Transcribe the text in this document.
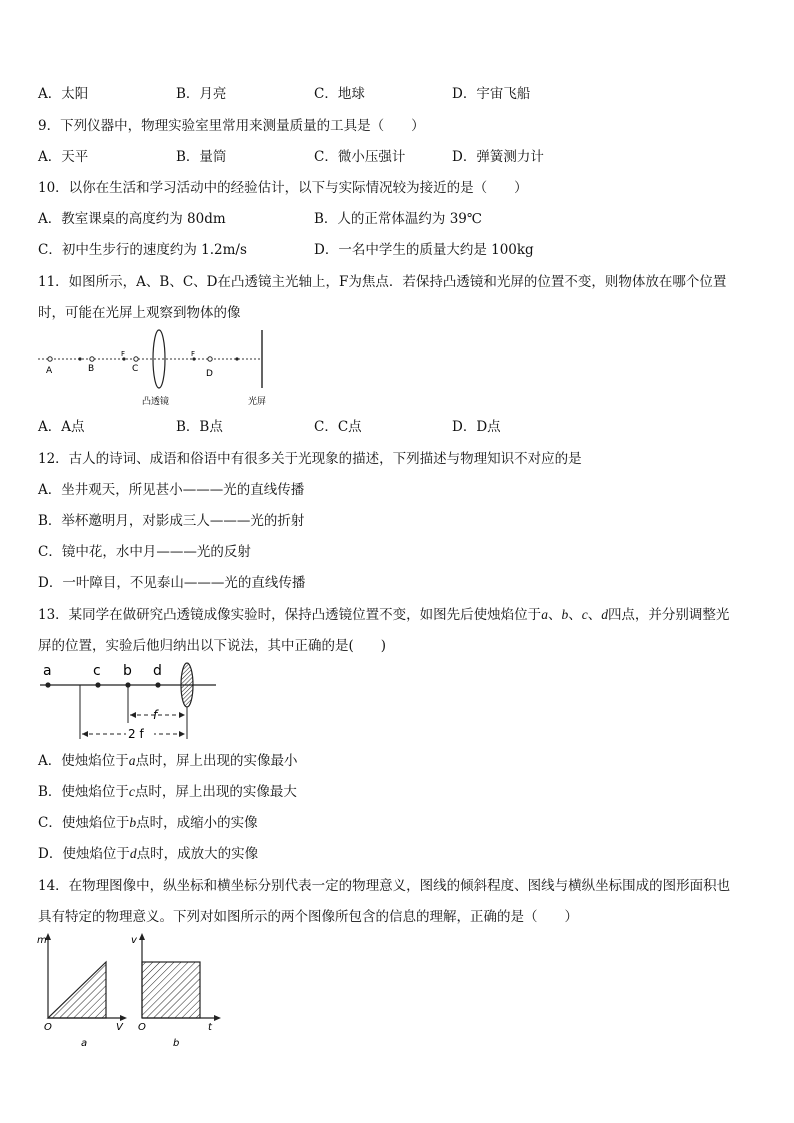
A．太阳	B．月亮	C．地球	D．宇宙飞船
9．下列仪器中，物理实验室里常用来测量质量的工具是（　　）
A．天平	B．量筒	C．微小压强计	D．弹簧测力计
10．以你在生活和学习活动中的经验估计，以下与实际情况较为接近的是（　　）
A．教室课桌的高度约为 80dm	B．人的正常体温约为 39℃
C．初中生步行的速度约为 1.2m/s	D．一名中学生的质量大约是 100kg
11．如图所示，A、B、C、D在凸透镜主光轴上，F为焦点．若保持凸透镜和光屏的位置不变，则物体放在哪个位置
时，可能在光屏上观察到物体的像
A	B
F
C
F
D
凸透镜	光屏
A．A点	B．B点	C．C点	D．D点
12．古人的诗词、成语和俗语中有很多关于光现象的描述，下列描述与物理知识不对应的是
A．坐井观天，所见甚小———光的直线传播
B．举杯邀明月，对影成三人———光的折射
C．镜中花，水中月———光的反射
D．一叶障目，不见泰山———光的直线传播
13．某同学在做研究凸透镜成像实验时，保持凸透镜位置不变，如图先后使烛焰位于a、b、c、d四点，并分别调整光
屏的位置，实验后他归纳出以下说法，其中正确的是(　　)
a	c b d
f
2 f
A．使烛焰位于a点时，屏上出现的实像最小
B．使烛焰位于c点时，屏上出现的实像最大
C．使烛焰位于b点时，成缩小的实像
D．使烛焰位于d点时，成放大的实像
14．在物理图像中，纵坐标和横坐标分别代表一定的物理意义，图线的倾斜程度、图线与横纵坐标围成的图形面积也
具有特定的物理意义。下列对如图所示的两个图像所包含的信息的理解，正确的是（　　）
m
V
O
a
v
t
O
b
